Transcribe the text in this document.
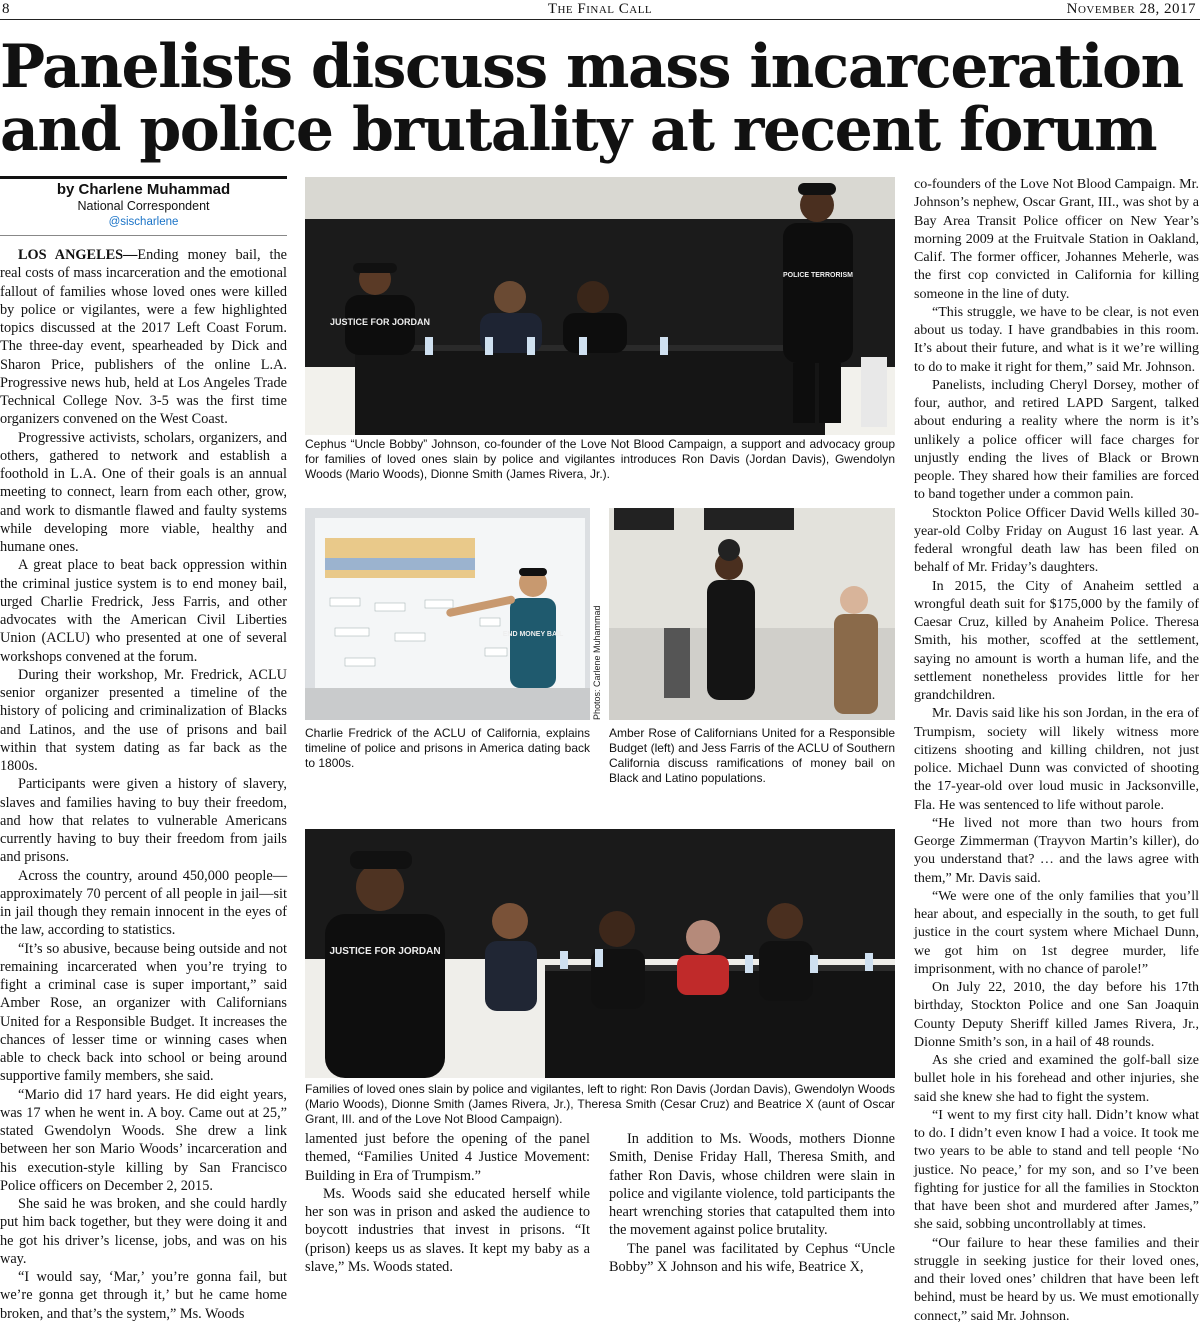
8	The Final Call	November 28, 2017
Panelists discuss mass incarceration
and police brutality at recent forum
by Charlene Muhammad
National Correspondent
@sischarlene

LOS ANGELES—Ending money bail, the real costs of mass incarceration and the emotional fallout of families whose loved ones were killed by police or vigilantes, were a few highlighted topics discussed at the 2017 Left Coast Forum. The three-day event, spearheaded by Dick and Sharon Price, publishers of the online L.A. Progressive news hub, held at Los Angeles Trade Technical College Nov. 3-5 was the first time organizers convened on the West Coast.

Progressive activists, scholars, organizers, and others, gathered to network and establish a foothold in L.A. One of their goals is an annual meeting to connect, learn from each other, grow, and work to dismantle flawed and faulty systems while developing more viable, healthy and humane ones.

A great place to beat back oppression within the criminal justice system is to end money bail, urged Charlie Fredrick, Jess Farris, and other advocates with the American Civil Liberties Union (ACLU) who presented at one of several workshops convened at the forum.

During their workshop, Mr. Fredrick, ACLU senior organizer presented a timeline of the history of policing and criminalization of Blacks and Latinos, and the use of prisons and bail within that system dating as far back as the 1800s.

Participants were given a history of slavery, slaves and families having to buy their freedom, and how that relates to vulnerable Americans currently having to buy their freedom from jails and prisons.

Across the country, around 450,000 people—approximately 70 percent of all people in jail—sit in jail though they remain innocent in the eyes of the law, according to statistics.

“It’s so abusive, because being outside and not remaining incarcerated when you’re trying to fight a criminal case is super important,” said Amber Rose, an organizer with Californians United for a Responsible Budget. It increases the chances of lesser time or winning cases when able to check back into school or being around supportive family members, she said.

“Mario did 17 hard years. He did eight years, was 17 when he went in. A boy. Came out at 25,” stated Gwendolyn Woods. She drew a link between her son Mario Woods’ incarceration and his execution-style killing by San Francisco Police officers on December 2, 2015.

She said he was broken, and she could hardly put him back together, but they were doing it and he got his driver’s license, jobs, and was on his way.

“I would say, ‘Mar,’ you’re gonna fail, but we’re gonna get through it,’ but he came home broken, and that’s the system,” Ms. Woods

JUSTICE FOR JORDAN
POLICE TERRORISM
Cephus “Uncle Bobby” Johnson, co-founder of the Love Not Blood Campaign, a support and advocacy group for families of loved ones slain by police and vigilantes introduces Ron Davis (Jordan Davis), Gwendolyn Woods (Mario Woods), Dionne Smith (James Rivera, Jr.).
END MONEY BAIL	Photos: Carlene Muhammad
Charlie Fredrick of the ACLU of California, explains timeline of police and prisons in America dating back to 1800s.
Amber Rose of Californians United for a Responsible Budget (left) and Jess Farris of the ACLU of Southern California discuss ramifications of money bail on Black and Latino populations.
JUSTICE FOR JORDAN
Families of loved ones slain by police and vigilantes, left to right: Ron Davis (Jordan Davis), Gwendolyn Woods (Mario Woods), Dionne Smith (James Rivera, Jr.), Theresa Smith (Cesar Cruz) and Beatrice X (aunt of Oscar Grant, III. and of the Love Not Blood Campaign).

lamented just before the opening of the panel themed, “Families United 4 Justice Movement: Building in Era of Trumpism.”

Ms. Woods said she educated herself while her son was in prison and asked the audience to boycott industries that invest in prisons. “It (prison) keeps us as slaves. It kept my baby as a slave,” Ms. Woods stated.

In addition to Ms. Woods, mothers Dionne Smith, Denise Friday Hall, Theresa Smith, and father Ron Davis, whose children were slain in police and vigilante violence, told participants the heart wrenching stories that catapulted them into the movement against police brutality.

The panel was facilitated by Cephus “Uncle Bobby” X Johnson and his wife, Beatrice X,

co-founders of the Love Not Blood Campaign. Mr. Johnson’s nephew, Oscar Grant, III., was shot by a Bay Area Transit Police officer on New Year’s morning 2009 at the Fruitvale Station in Oakland, Calif. The former officer, Johannes Meherle, was the first cop convicted in California for killing someone in the line of duty.

“This struggle, we have to be clear, is not even about us today. I have grandbabies in this room. It’s about their future, and what is it we’re willing to do to make it right for them,” said Mr. Johnson.

Panelists, including Cheryl Dorsey, mother of four, author, and retired LAPD Sargent, talked about enduring a reality where the norm is it’s unlikely a police officer will face charges for unjustly ending the lives of Black or Brown people. They shared how their families are forced to band together under a common pain.

Stockton Police Officer David Wells killed 30-year-old Colby Friday on August 16 last year. A federal wrongful death law has been filed on behalf of Mr. Friday’s daughters.

In 2015, the City of Anaheim settled a wrongful death suit for $175,000 by the family of Caesar Cruz, killed by Anaheim Police. Theresa Smith, his mother, scoffed at the settlement, saying no amount is worth a human life, and the settlement nonetheless provides little for her grandchildren.

Mr. Davis said like his son Jordan, in the era of Trumpism, society will likely witness more citizens shooting and killing children, not just police. Michael Dunn was convicted of shooting the 17-year-old over loud music in Jacksonville, Fla. He was sentenced to life without parole.

“He lived not more than two hours from George Zimmerman (Trayvon Martin’s killer), do you understand that? … and the laws agree with them,” Mr. Davis said.

“We were one of the only families that you’ll hear about, and especially in the south, to get full justice in the court system where Michael Dunn, we got him on 1st degree murder, life imprisonment, with no chance of parole!”

On July 22, 2010, the day before his 17th birthday, Stockton Police and one San Joaquin County Deputy Sheriff killed James Rivera, Jr., Dionne Smith’s son, in a hail of 48 rounds.

As she cried and examined the golf-ball size bullet hole in his forehead and other injuries, she said she knew she had to fight the system.

“I went to my first city hall. Didn’t know what to do. I didn’t even know I had a voice. It took me two years to be able to stand and tell people ‘No justice. No peace,’ for my son, and so I’ve been fighting for justice for all the families in Stockton that have been shot and murdered after James,” she said, sobbing uncontrollably at times.

“Our failure to hear these families and their struggle in seeking justice for their loved ones, and their loved ones’ children that have been left behind, must be heard by us. We must emotionally connect,” said Mr. Johnson.
